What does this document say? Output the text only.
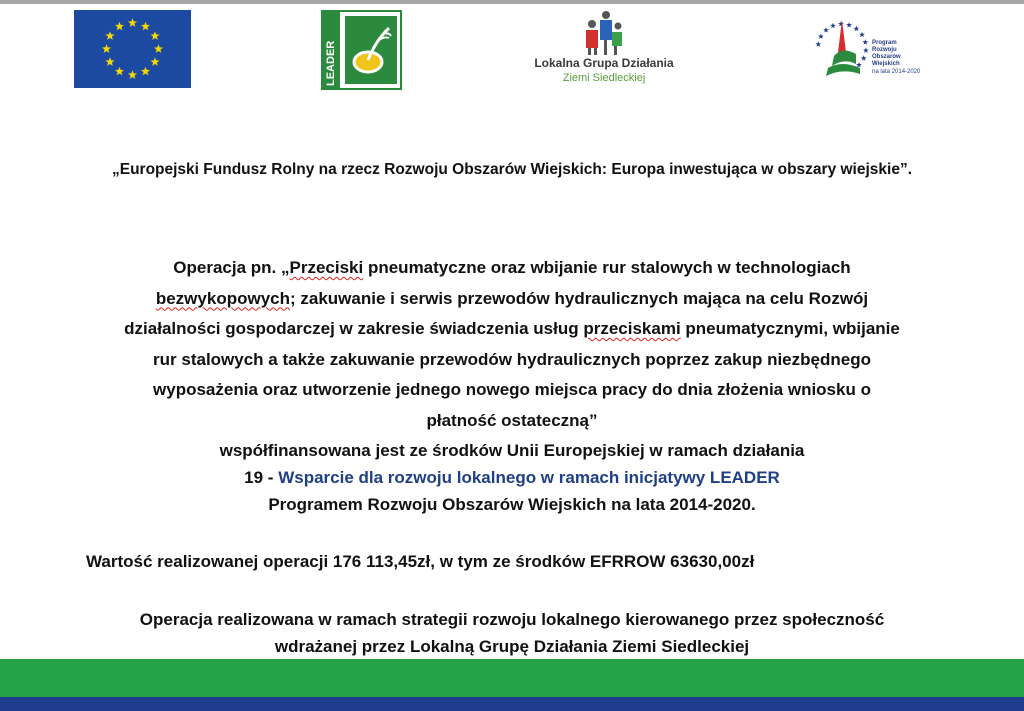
LEADER	Lokalna Grupa Działania
Ziemi Siedleckiej
Program
Rozwoju
Obszarów
Wiejskich
na lata 2014-2020
„Europejski Fundusz Rolny na rzecz Rozwoju Obszarów Wiejskich: Europa inwestująca w obszary wiejskie”.
Operacja pn. „Przeciski pneumatyczne oraz wbijanie rur stalowych w technologiach
bezwykopowych; zakuwanie i serwis przewodów hydraulicznych mająca na celu Rozwój
działalności gospodarczej w zakresie świadczenia usług przeciskami pneumatycznymi, wbijanie
rur stalowych a także zakuwanie przewodów hydraulicznych poprzez zakup niezbędnego
wyposażenia oraz utworzenie jednego nowego miejsca pracy do dnia złożenia wniosku o
płatność ostateczną”
współfinansowana jest ze środków Unii Europejskiej w ramach działania
19 - Wsparcie dla rozwoju lokalnego w ramach inicjatywy LEADER
Programem Rozwoju Obszarów Wiejskich na lata 2014-2020.
Wartość realizowanej operacji 176 113,45zł, w tym ze środków EFRROW 63630,00zł
Operacja realizowana w ramach strategii rozwoju lokalnego kierowanego przez społeczność
wdrażanej przez Lokalną Grupę Działania Ziemi Siedleckiej
